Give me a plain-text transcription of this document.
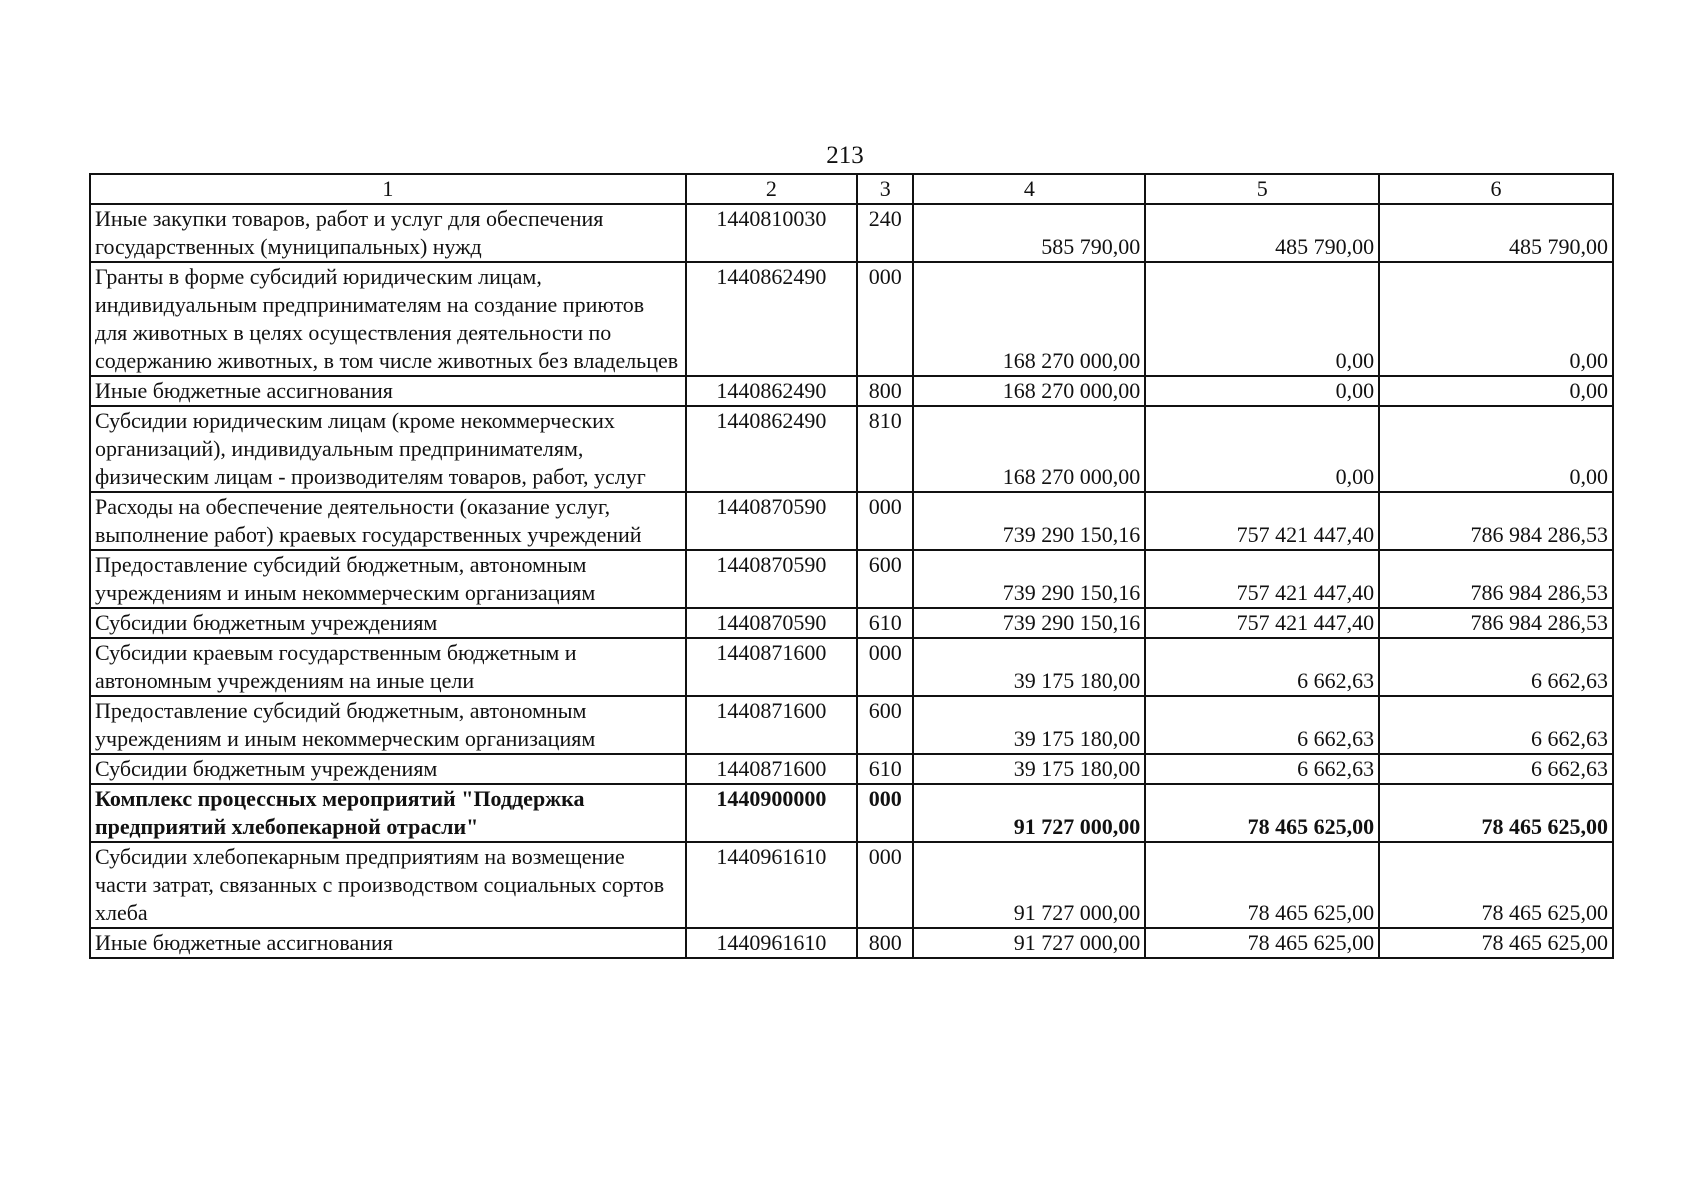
213
1	2	3	4	5	6
Иные закупки товаров, работ и услуг для обеспечения государственных (муниципальных) нужд	1440810030	240	585 790,00	485 790,00	485 790,00
Гранты в форме субсидий юридическим лицам, индивидуальным предпринимателям на создание приютов для животных в целях осуществления деятельности по содержанию животных, в том числе животных без владельцев	1440862490	000	168 270 000,00	0,00	0,00
Иные бюджетные ассигнования	1440862490	800	168 270 000,00	0,00	0,00
Субсидии юридическим лицам (кроме некоммерческих организаций), индивидуальным предпринимателям, физическим лицам - производителям товаров, работ, услуг	1440862490	810	168 270 000,00	0,00	0,00
Расходы на обеспечение деятельности (оказание услуг, выполнение работ) краевых государственных учреждений	1440870590	000	739 290 150,16	757 421 447,40	786 984 286,53
Предоставление субсидий бюджетным, автономным учреждениям и иным некоммерческим организациям	1440870590	600	739 290 150,16	757 421 447,40	786 984 286,53
Субсидии бюджетным учреждениям	1440870590	610	739 290 150,16	757 421 447,40	786 984 286,53
Субсидии краевым государственным бюджетным и автономным учреждениям на иные цели	1440871600	000	39 175 180,00	6 662,63	6 662,63
Предоставление субсидий бюджетным, автономным учреждениям и иным некоммерческим организациям	1440871600	600	39 175 180,00	6 662,63	6 662,63
Субсидии бюджетным учреждениям	1440871600	610	39 175 180,00	6 662,63	6 662,63
Комплекс процессных мероприятий "Поддержка предприятий хлебопекарной отрасли"	1440900000	000	91 727 000,00	78 465 625,00	78 465 625,00
Субсидии хлебопекарным предприятиям на возмещение части затрат, связанных с производством социальных сортов хлеба	1440961610	000	91 727 000,00	78 465 625,00	78 465 625,00
Иные бюджетные ассигнования	1440961610	800	91 727 000,00	78 465 625,00	78 465 625,00
